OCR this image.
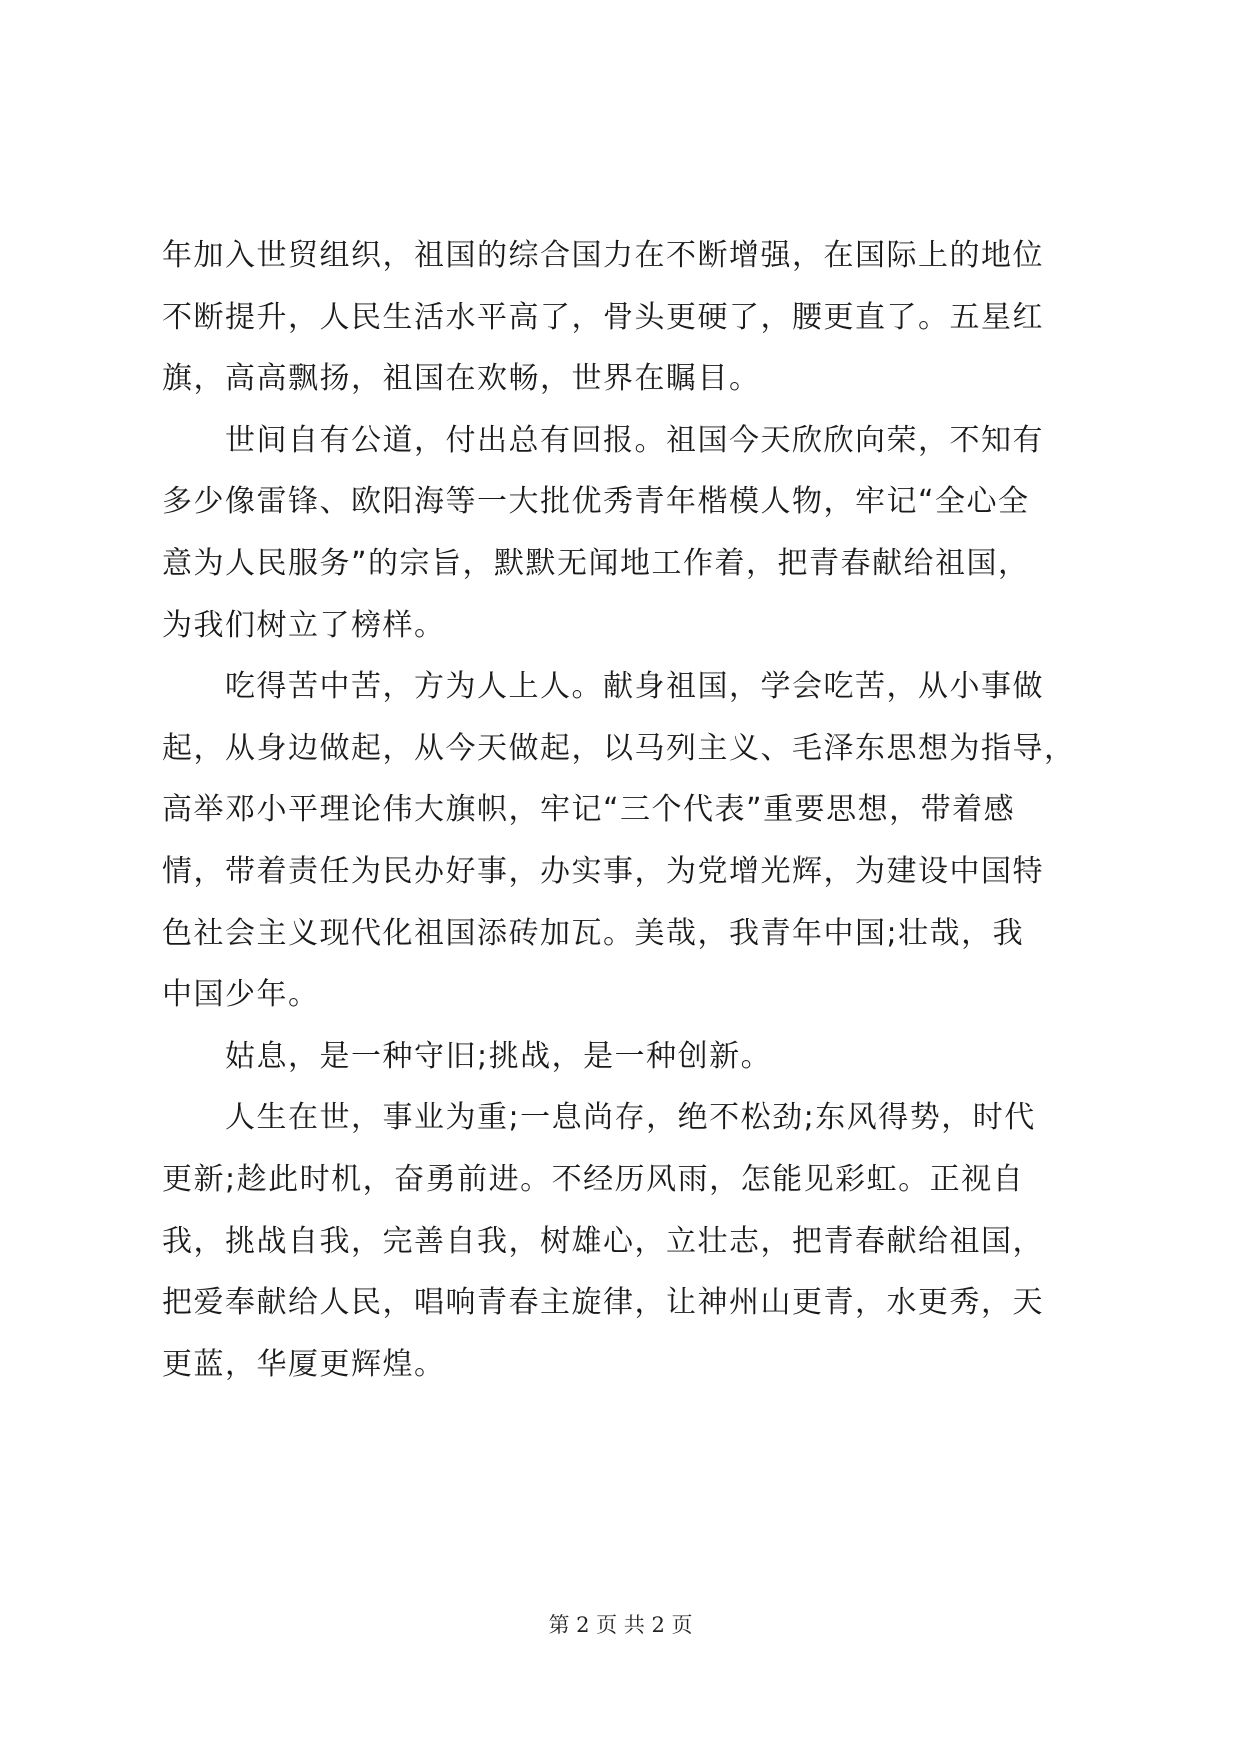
年加入世贸组织，祖国的综合国力在不断增强，在国际上的地位
不断提升，人民生活水平高了，骨头更硬了，腰更直了。五星红
旗，高高飘扬，祖国在欢畅，世界在瞩目。
世间自有公道，付出总有回报。祖国今天欣欣向荣，不知有
多少像雷锋、欧阳海等一大批优秀青年楷模人物，牢记“全心全
意为人民服务”的宗旨，默默无闻地工作着，把青春献给祖国，
为我们树立了榜样。
吃得苦中苦，方为人上人。献身祖国，学会吃苦，从小事做
起，从身边做起，从今天做起，以马列主义、毛泽东思想为指导，
高举邓小平理论伟大旗帜，牢记“三个代表”重要思想，带着感
情，带着责任为民办好事，办实事，为党增光辉，为建设中国特
色社会主义现代化祖国添砖加瓦。美哉，我青年中国;壮哉，我
中国少年。
姑息，是一种守旧;挑战，是一种创新。
人生在世，事业为重;一息尚存，绝不松劲;东风得势，时代
更新;趁此时机，奋勇前进。不经历风雨，怎能见彩虹。正视自
我，挑战自我，完善自我，树雄心，立壮志，把青春献给祖国，
把爱奉献给人民，唱响青春主旋律，让神州山更青，水更秀，天
更蓝，华厦更辉煌。
第 2 页 共 2 页
